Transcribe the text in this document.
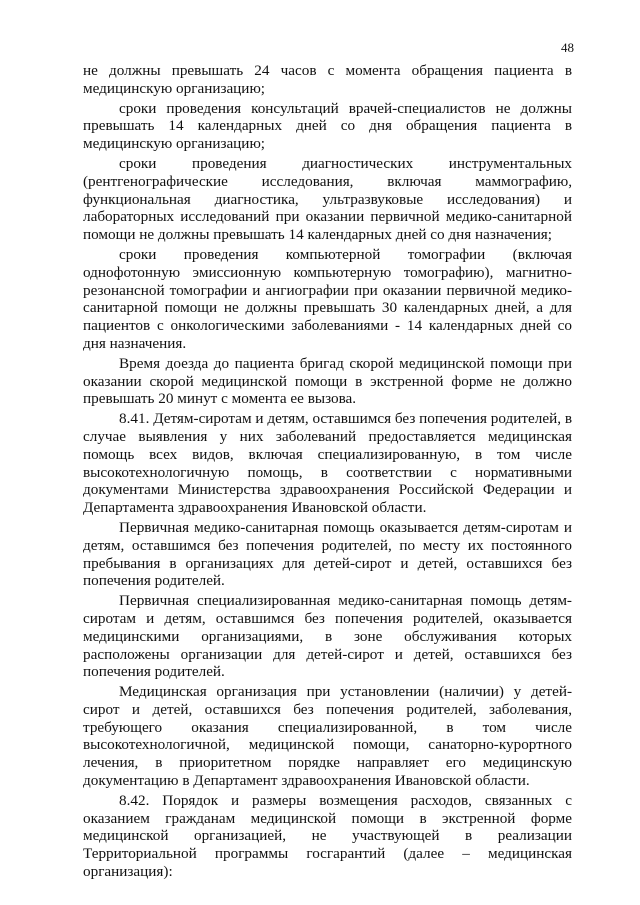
48

не должны превышать 24 часов с момента обращения пациента в медицинскую организацию;

сроки проведения консультаций врачей-специалистов не должны превышать 14 календарных дней со дня обращения пациента в медицинскую организацию;

сроки проведения диагностических инструментальных (рентгенографические исследования, включая маммографию, функциональная диагностика, ультразвуковые исследования) и лабораторных исследований при оказании первичной медико-санитарной помощи не должны превышать 14 календарных дней со дня назначения;

сроки проведения компьютерной томографии (включая однофотонную эмиссионную компьютерную томографию), магнитно-резонансной томографии и ангиографии при оказании первичной медико-санитарной помощи не должны превышать 30 календарных дней, а для пациентов с онкологическими заболеваниями - 14 календарных дней со дня назначения.

Время доезда до пациента бригад скорой медицинской помощи при оказании скорой медицинской помощи в экстренной форме не должно превышать 20 минут с момента ее вызова.

8.41. Детям-сиротам и детям, оставшимся без попечения родителей, в случае выявления у них заболеваний предоставляется медицинская помощь всех видов, включая специализированную, в том числе высокотехнологичную помощь, в соответствии с нормативными документами Министерства здравоохранения Российской Федерации и Департамента здравоохранения Ивановской области.

Первичная медико-санитарная помощь оказывается детям-сиротам и детям, оставшимся без попечения родителей, по месту их постоянного пребывания в организациях для детей-сирот и детей, оставшихся без попечения родителей.

Первичная специализированная медико-санитарная помощь детям-сиротам и детям, оставшимся без попечения родителей, оказывается медицинскими организациями, в зоне обслуживания которых расположены организации для детей-сирот и детей, оставшихся без попечения родителей.

Медицинская организация при установлении (наличии) у детей-сирот и детей, оставшихся без попечения родителей, заболевания, требующего оказания специализированной, в том числе высокотехнологичной, медицинской помощи, санаторно-курортного лечения, в приоритетном порядке направляет его медицинскую документацию в Департамент здравоохранения Ивановской области.

8.42. Порядок и размеры возмещения расходов, связанных с оказанием гражданам медицинской помощи в экстренной форме медицинской организацией, не участвующей в реализации Территориальной программы госгарантий (далее – медицинская организация):
